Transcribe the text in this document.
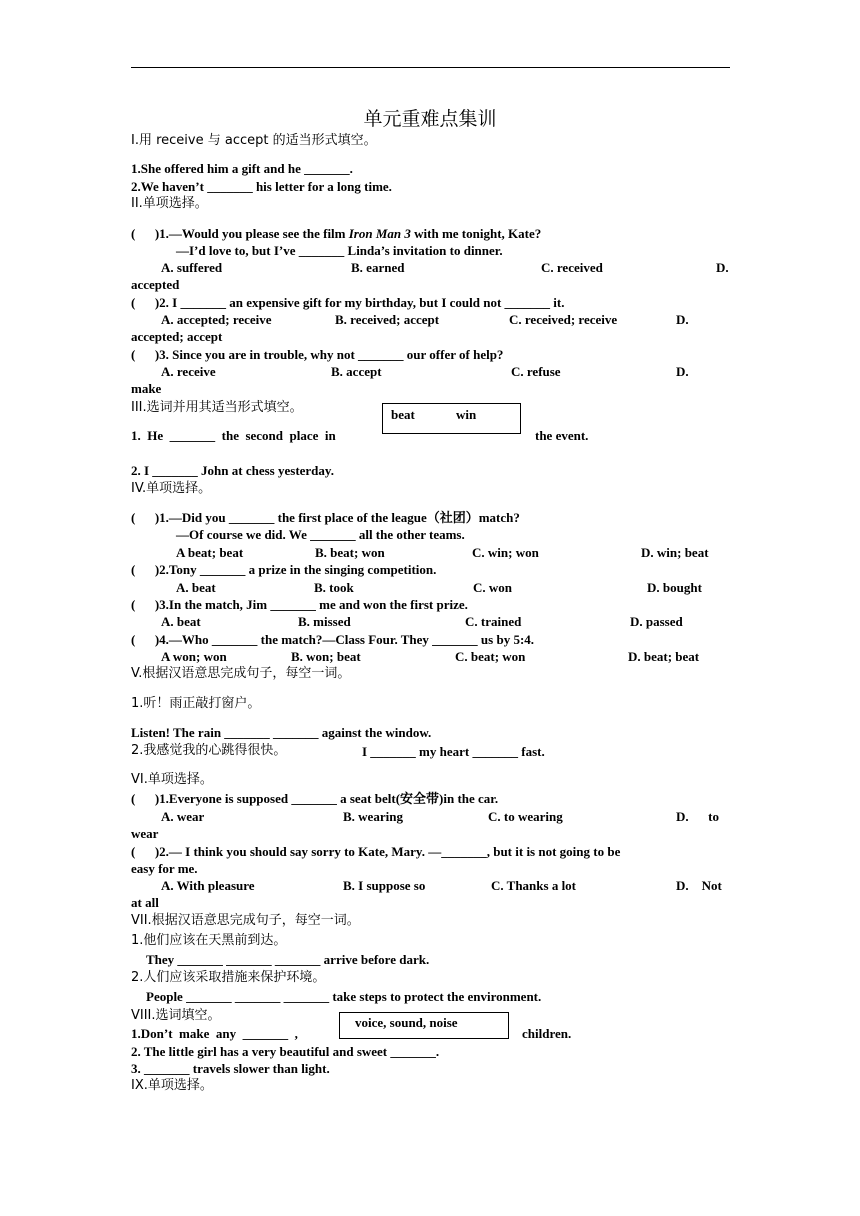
单元重难点集训
I.用 receive 与 accept 的适当形式填空。
1.She offered him a gift and he _______.
2.We haven’t _______ his letter for a long time.
II.单项选择。
(      )1.—Would you please see the film Iron Man 3 with me tonight, Kate?
—I’d love to, but I’ve _______ Linda’s invitation to dinner.
A. suffered	B. earned	C. received	D.
accepted
(      )2. I _______ an expensive gift for my birthday, but I could not _______ it.
A. accepted; receive	B. received; accept	C. received; receive	D.
accepted; accept
(      )3. Since you are in trouble, why not _______ our offer of help?
A. receive	B. accept	C. refuse	D.
make
III.选词并用其适当形式填空。	beat	win
1.  He  _______  the  second  place  in	the event.
2. I _______ John at chess yesterday.
IV.单项选择。
(      )1.—Did you _______ the first place of the league（社团）match?
—Of course we did. We _______ all the other teams.
A beat; beat	B. beat; won	C. win; won	D. win; beat
(      )2.Tony _______ a prize in the singing competition.
A. beat	B. took	C. won	D. bought
(      )3.In the match, Jim _______ me and won the first prize.
A. beat	B. missed	C. trained	D. passed
(      )4.—Who _______ the match?—Class Four. They _______ us by 5:4.
A won; won	B. won; beat	C. beat; won	D. beat; beat
V.根据汉语意思完成句子，每空一词。
1.听！雨正敲打窗户。
Listen! The rain _______ _______ against the window.
2.我感觉我的心跳得很快。	I _______ my heart _______ fast.
VI.单项选择。
(      )1.Everyone is supposed _______ a seat belt(安全带)in the car.
A. wear	B. wearing	C. to wearing	D.      to
wear
(      )2.— I think you should say sorry to Kate, Mary. —_______, but it is not going to be
easy for me.
A. With pleasure	B. I suppose so	C. Thanks a lot	D.    Not
at all
VII.根据汉语意思完成句子，每空一词。
1.他们应该在天黑前到达。
They _______ _______ _______ arrive before dark.
2.人们应该采取措施来保护环境。
People _______ _______ _______ take steps to protect the environment.
VIII.选词填空。	voice, sound, noise
1.Don’t  make  any  _______  ,	children.
2. The little girl has a very beautiful and sweet _______.
3. _______ travels slower than light.
IX.单项选择。
